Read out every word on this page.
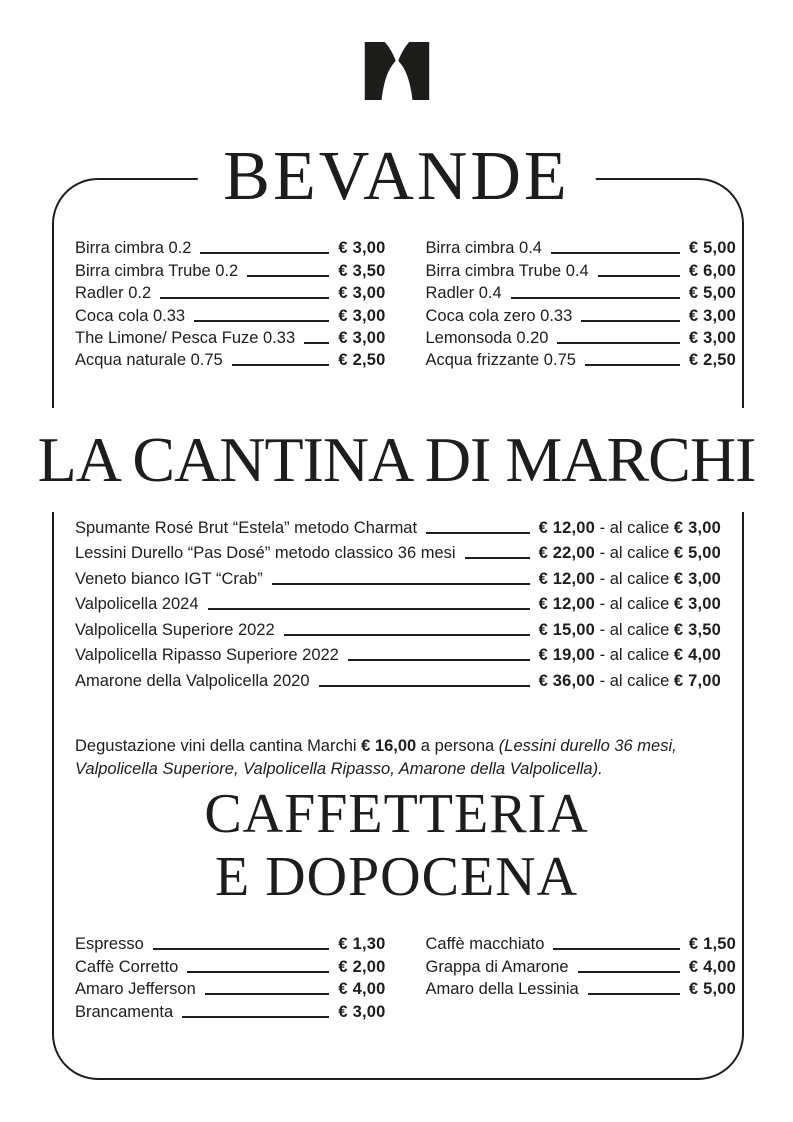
BEVANDE
Birra cimbra 0.2	€ 3,00
Birra cimbra Trube 0.2	€ 3,50
Radler 0.2	€ 3,00
Coca cola 0.33	€ 3,00
The Limone/ Pesca Fuze 0.33	€ 3,00
Acqua naturale 0.75	€ 2,50
Birra cimbra 0.4	€ 5,00
Birra cimbra Trube 0.4	€ 6,00
Radler 0.4	€ 5,00
Coca cola zero 0.33	€ 3,00
Lemonsoda 0.20	€ 3,00
Acqua frizzante 0.75	€ 2,50
LA CANTINA DI MARCHI
Spumante Rosé Brut “Estela” metodo Charmat	€ 12,00 - al calice € 3,00
Lessini Durello “Pas Dosé” metodo classico 36 mesi	€ 22,00 - al calice € 5,00
Veneto bianco IGT “Crab”	€ 12,00 - al calice € 3,00
Valpolicella 2024	€ 12,00 - al calice € 3,00
Valpolicella Superiore 2022	€ 15,00 - al calice € 3,50
Valpolicella Ripasso Superiore 2022	€ 19,00 - al calice € 4,00
Amarone della Valpolicella 2020	€ 36,00 - al calice € 7,00

Degustazione vini della cantina Marchi € 16,00 a persona (Lessini durello 36 mesi, Valpolicella Superiore, Valpolicella Ripasso, Amarone della Valpolicella).

CAFFETTERIA
E DOPOCENA
Espresso	€ 1,30
Caffè Corretto	€ 2,00
Amaro Jefferson	€ 4,00
Brancamenta	€ 3,00
Caffè macchiato	€ 1,50
Grappa di Amarone	€ 4,00
Amaro della Lessinia	€ 5,00
